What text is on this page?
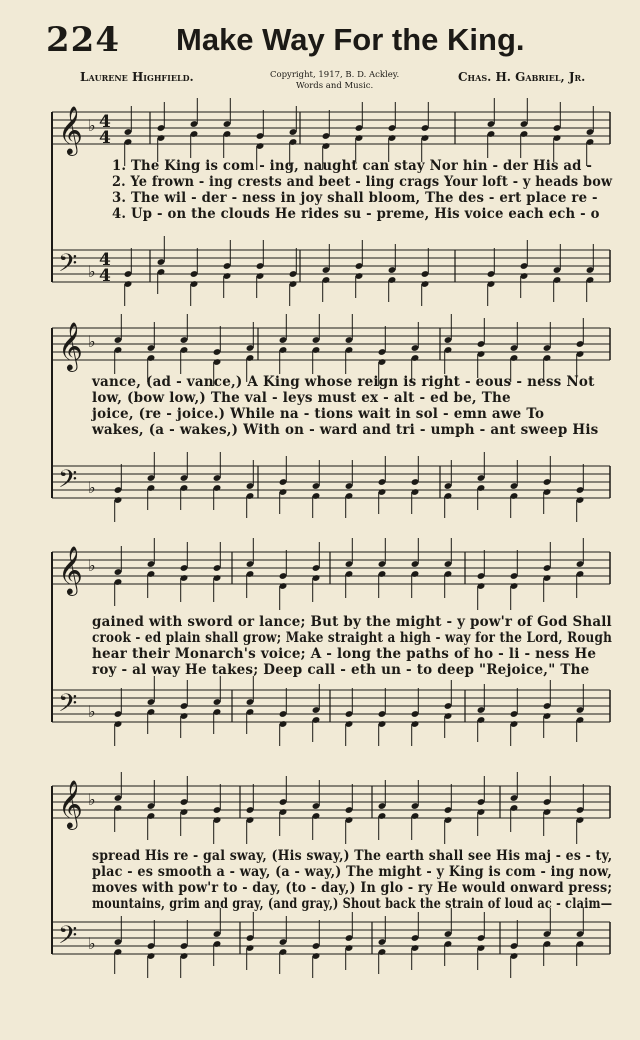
224 Make Way For the King.
Laurene Highfield.	Copyright, 1917, B. D. Ackley.
Words and Music.
Chas. H. Gabriel, Jr.
𝄞
𝄢
♭
♭
4
4
4
4
𝄞
𝄢
♭
♭
𝄞
𝄢
♭
♭
𝄞
𝄢
♭
♭
1. The King is com - ing, naught can stay Nor hin - der His ad -
2. Ye frown - ing crests and beet - ling crags Your loft - y heads bow
3. The wil - der - ness in joy shall bloom, The des - ert place re -
4. Up - on the clouds He rides su - preme, His voice each ech - o
vance, (ad - vance,) A King whose reign is right - eous - ness Not
low, (bow low,) The val - leys must ex - alt - ed be, The
joice, (re - joice.) While na - tions wait in sol - emn awe To
wakes, (a - wakes,) With on - ward and tri - umph - ant sweep His
gained with sword or lance; But by the might - y pow'r of God Shall
crook - ed plain shall grow; Make straight a high - way for the Lord, Rough
hear their Monarch's voice; A - long the paths of ho - li - ness He
roy - al way He takes; Deep call - eth un - to deep "Rejoice," The
spread His re - gal sway, (His sway,) The earth shall see His maj - es - ty,
plac - es smooth a - way, (a - way,) The might - y King is com - ing now,
moves with pow'r to - day, (to - day,) In glo - ry He would onward press;
mountains, grim and gray, (and gray,) Shout back the strain of loud ac - claim—
